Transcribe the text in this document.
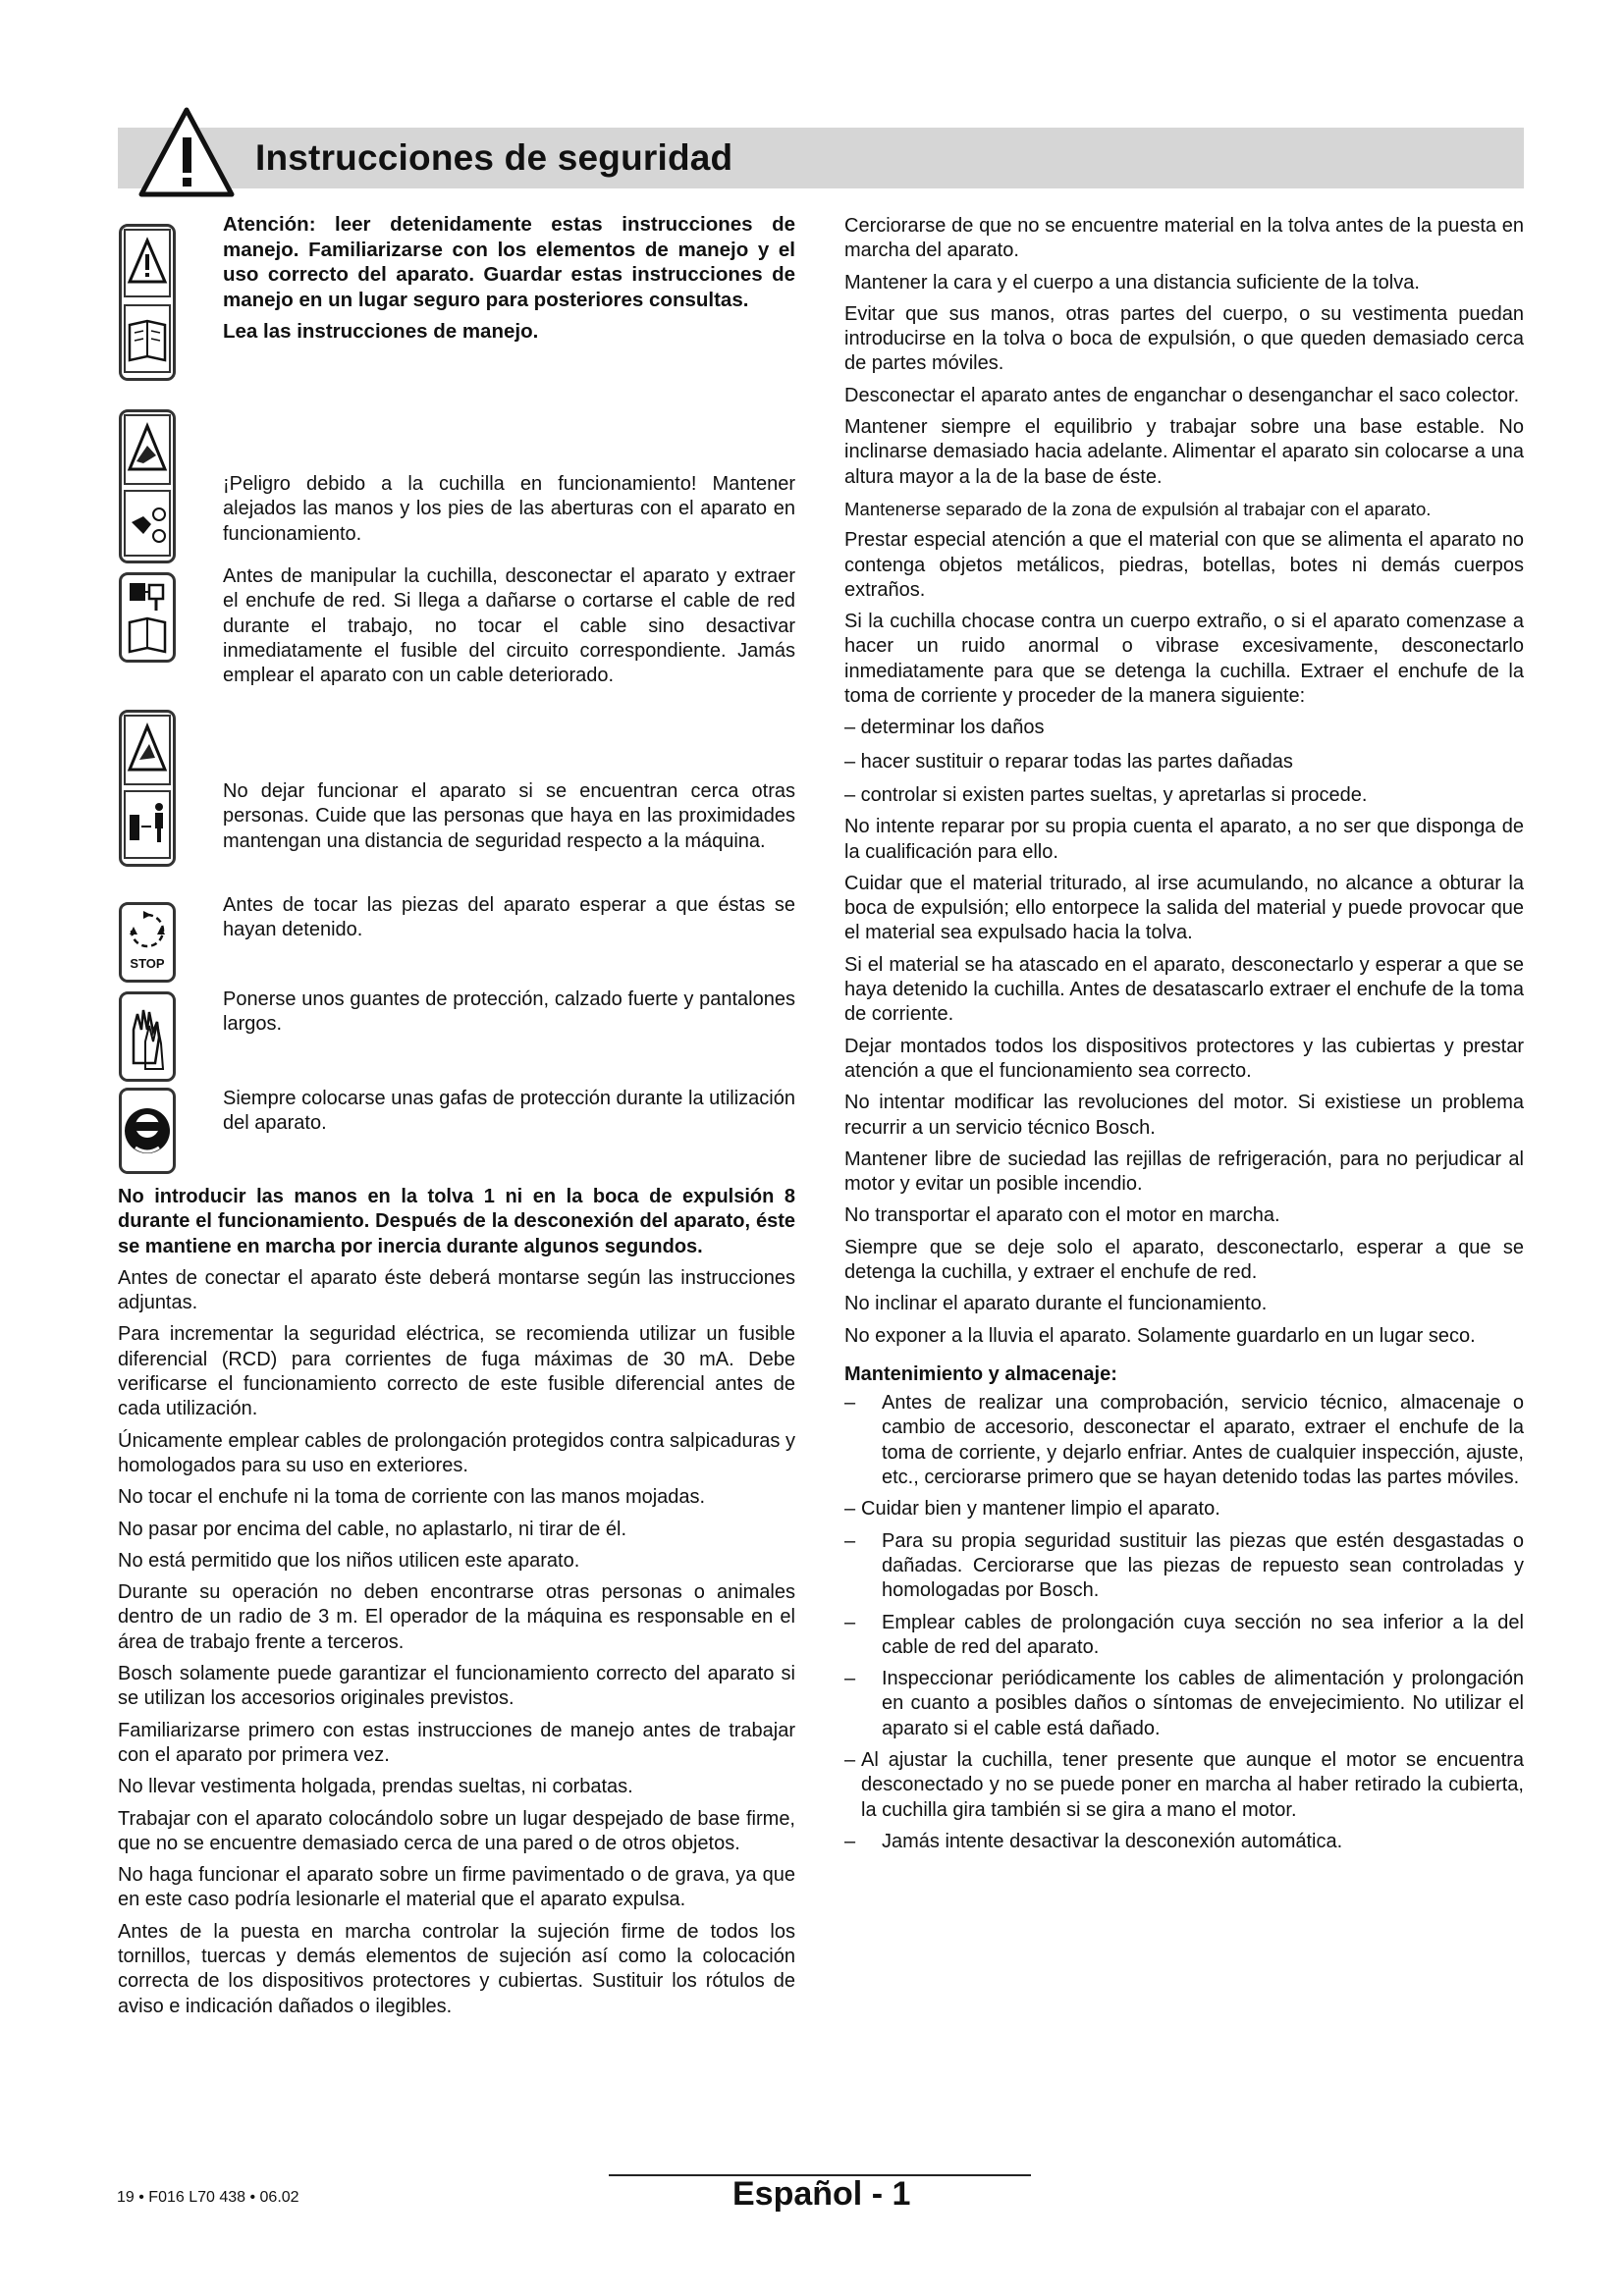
Instrucciones de seguridad
STOP

Atención: leer detenidamente estas instrucciones de manejo. Familiarizarse con los elementos de manejo y el uso correcto del aparato. Guardar estas instrucciones de manejo en un lugar seguro para posteriores consultas.

Lea las instrucciones de manejo.

¡Peligro debido a la cuchilla en funcionamiento! Mantener alejados las manos y los pies de las aberturas con el aparato en funcionamiento.

Antes de manipular la cuchilla, desconectar el aparato y extraer el enchufe de red. Si llega a dañarse o cortarse el cable de red durante el trabajo, no tocar el cable sino desactivar inmediatamente el fusible del circuito correspondiente. Jamás emplear el aparato con un cable deteriorado.

No dejar funcionar el aparato si se encuentran cerca otras personas. Cuide que las personas que haya en las proximidades mantengan una distancia de seguridad respecto a la máquina.

Antes de tocar las piezas del aparato esperar a que éstas se hayan detenido.

Ponerse unos guantes de protección, calzado fuerte y pantalones largos.

Siempre colocarse unas gafas de protección durante la utilización del aparato.

No introducir las manos en la tolva 1 ni en la boca de expulsión 8 durante el funcionamiento. Después de la desconexión del aparato, éste se mantiene en marcha por inercia durante algunos segundos.

Antes de conectar el aparato éste deberá montarse según las instrucciones adjuntas.

Para incrementar la seguridad eléctrica, se recomienda utilizar un fusible diferencial (RCD) para corrientes de fuga máximas de 30 mA. Debe verificarse el funcionamiento correcto de este fusible diferencial antes de cada utilización.

Únicamente emplear cables de prolongación protegidos contra salpicaduras y homologados para su uso en exteriores.

No tocar el enchufe ni la toma de corriente con las manos mojadas.

No pasar por encima del cable, no aplastarlo, ni tirar de él.

No está permitido que los niños utilicen este aparato.

Durante su operación no deben encontrarse otras personas o animales dentro de un radio de 3 m. El operador de la máquina es responsable en el área de trabajo frente a terceros.

Bosch solamente puede garantizar el funcionamiento correcto del aparato si se utilizan los accesorios originales previstos.

Familiarizarse primero con estas instrucciones de manejo antes de trabajar con el aparato por primera vez.

No llevar vestimenta holgada, prendas sueltas, ni corbatas.

Trabajar con el aparato colocándolo sobre un lugar despejado de base firme, que no se encuentre demasiado cerca de una pared o de otros objetos.

No haga funcionar el aparato sobre un firme pavimentado o de grava, ya que en este caso podría lesionarle el material que el aparato expulsa.

Antes de la puesta en marcha controlar la sujeción firme de todos los tornillos, tuercas y demás elementos de sujeción así como la colocación correcta de los dispositivos protectores y cubiertas. Sustituir los rótulos de aviso e indicación dañados o ilegibles.

Cerciorarse de que no se encuentre material en la tolva antes de la puesta en marcha del aparato.

Mantener la cara y el cuerpo a una distancia suficiente de la tolva.

Evitar que sus manos, otras partes del cuerpo, o su vestimenta puedan introducirse en la tolva o boca de expulsión, o que queden demasiado cerca de partes móviles.

Desconectar el aparato antes de enganchar o desenganchar el saco colector.

Mantener siempre el equilibrio y trabajar sobre una base estable. No inclinarse demasiado hacia adelante. Alimentar el aparato sin colocarse a una altura mayor a la de la base de éste.

Mantenerse separado de la zona de expulsión al trabajar con el aparato.

Prestar especial atención a que el material con que se alimenta el aparato no contenga objetos metálicos, piedras, botellas, botes ni demás cuerpos extraños.

Si la cuchilla chocase contra un cuerpo extraño, o si el aparato comenzase a hacer un ruido anormal o vibrase excesivamente, desconectarlo inmediatamente para que se detenga la cuchilla. Extraer el enchufe de la toma de corriente y proceder de la manera siguiente:

– determinar los daños

– hacer sustituir o reparar todas las partes dañadas

– controlar si existen partes sueltas, y apretarlas si procede.

No intente reparar por su propia cuenta el aparato, a no ser que disponga de la cualificación para ello.

Cuidar que el material triturado, al irse acumulando, no alcance a obturar la boca de expulsión; ello entorpece la salida del material y puede provocar que el material sea expulsado hacia la tolva.

Si el material se ha atascado en el aparato, desconectarlo y esperar a que se haya detenido la cuchilla. Antes de desatascarlo extraer el enchufe de la toma de corriente.

Dejar montados todos los dispositivos protectores y las cubiertas y prestar atención a que el funcionamiento sea correcto.

No intentar modificar las revoluciones del motor. Si existiese un problema recurrir a un servicio técnico Bosch.

Mantener libre de suciedad las rejillas de refrigeración, para no perjudicar al motor y evitar un posible incendio.

No transportar el aparato con el motor en marcha.

Siempre que se deje solo el aparato, desconectarlo, esperar a que se detenga la cuchilla, y extraer el enchufe de red.

No inclinar el aparato durante el funcionamiento.

No exponer a la lluvia el aparato. Solamente guardarlo en un lugar seco.

Mantenimiento y almacenaje:

–	Antes de realizar una comprobación, servicio técnico, almacenaje o cambio de accesorio, desconectar el aparato, extraer el enchufe de la toma de corriente, y dejarlo enfriar. Antes de cualquier inspección, ajuste, etc., cerciorarse primero que se hayan detenido todas las partes móviles.
– Cuidar bien y mantener limpio el aparato.
–	Para su propia seguridad sustituir las piezas que estén desgastadas o dañadas. Cerciorarse que las piezas de repuesto sean controladas y homologadas por Bosch.
–	Emplear cables de prolongación cuya sección no sea inferior a la del cable de red del aparato.
–	Inspeccionar periódicamente los cables de alimentación y prolongación en cuanto a posibles daños o síntomas de envejecimiento. No utilizar el aparato si el cable está dañado.
– Al ajustar la cuchilla, tener presente que aunque el motor se encuentra desconectado y no se puede poner en marcha al haber retirado la cubierta, la cuchilla gira también si se gira a mano el motor.
–	Jamás intente desactivar la desconexión automática.
19 • F016 L70 438 • 06.02	Español - 1
